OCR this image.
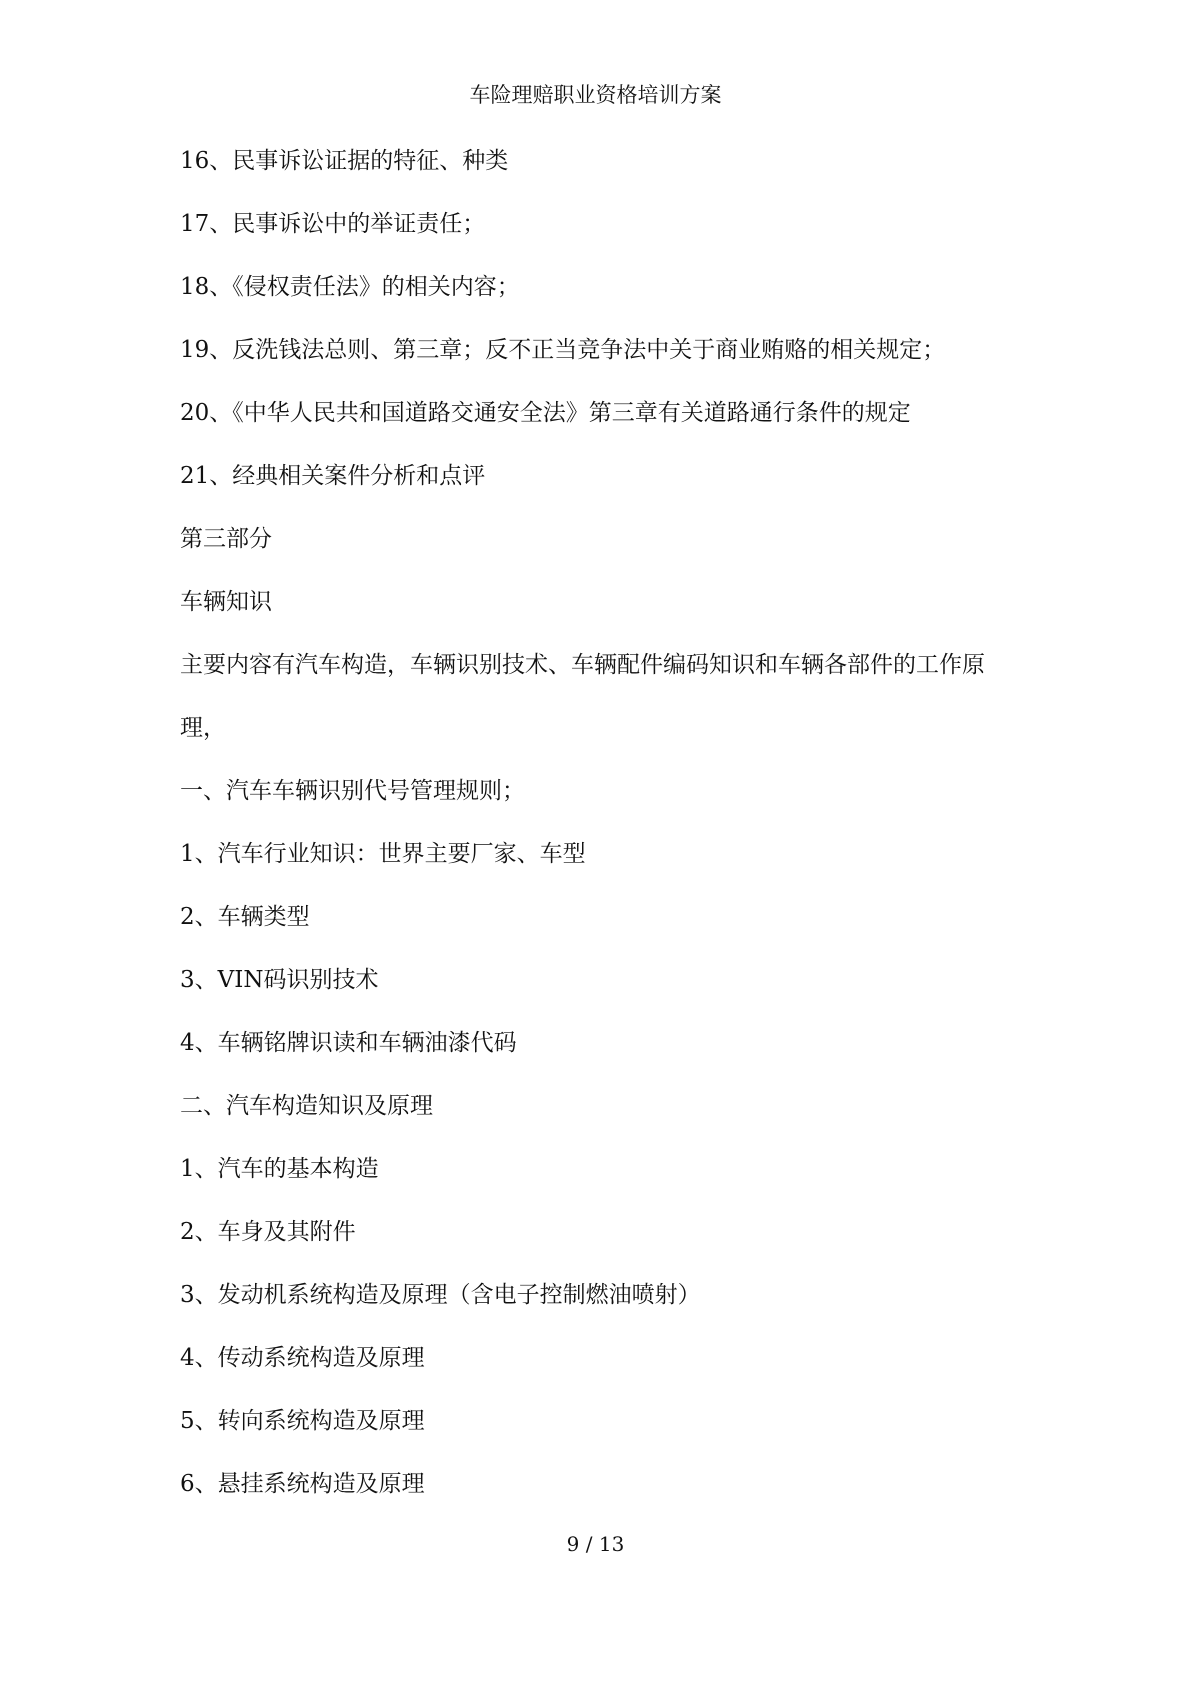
车险理赔职业资格培训方案
16、民事诉讼证据的特征、种类
17、民事诉讼中的举证责任；
18、《侵权责任法》的相关内容；
19、反洗钱法总则、第三章；反不正当竞争法中关于商业贿赂的相关规定；
20、《中华人民共和国道路交通安全法》第三章有关道路通行条件的规定
21、经典相关案件分析和点评
第三部分
车辆知识
主要内容有汽车构造，车辆识别技术、车辆配件编码知识和车辆各部件的工作原
理，
一、汽车车辆识别代号管理规则；
1、汽车行业知识：世界主要厂家、车型
2、车辆类型
3、VIN码识别技术
4、车辆铭牌识读和车辆油漆代码
二、汽车构造知识及原理
1、汽车的基本构造
2、车身及其附件
3、发动机系统构造及原理（含电子控制燃油喷射）
4、传动系统构造及原理
5、转向系统构造及原理
6、悬挂系统构造及原理
9 / 13
